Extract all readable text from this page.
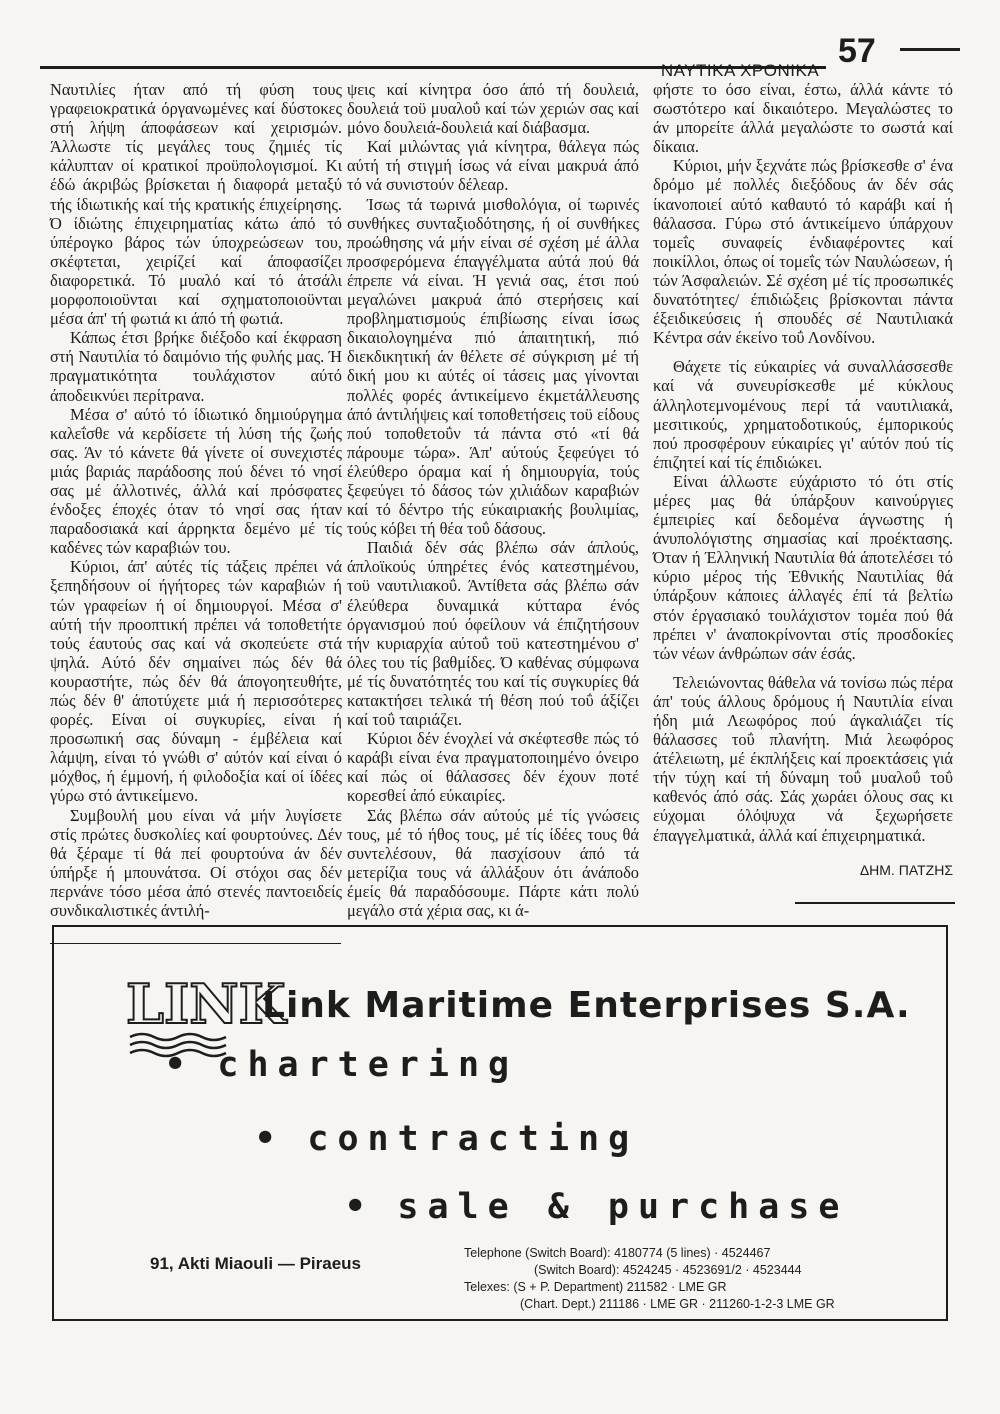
ΝΑΥΤΙΚΑ ΧΡΟΝΙΚΑ
57

Ναυτιλίες ήταν από τή φύση τους γραφειοκρατικά όργανωμένες καί δύστοκες στή λήψη άποφάσεων καί χειρισμών. Άλλωστε τίς μεγάλες τους ζημιές τίς κάλυπταν οί κρατικοί προϋπολογισμοί. Κι έδώ άκριβώς βρίσκεται ή διαφορά μεταξύ τής ίδιωτικής καί τής κρατικής έπιχείρησης. Ό ίδιώτης έπιχειρηματίας κάτω άπό τό ύπέρογκο βάρος τών ύποχρεώσεων του, σκέφτεται, χειρίζεί καί άποφασίζει διαφορετικά. Τό μυαλό καί τό άτσάλι μορφοποιοϋνται καί σχηματοποιοϋνται μέσα άπ' τή φωτιά κι άπό τή φωτιά.

Κάπως έτσι βρήκε διέξοδο καί έκφραση στή Ναυτιλία τό δαιμόνιο τής φυλής μας. Ή πραγματικότητα τουλάχιστον αύτό άποδεικνύει περίτρανα.

Μέσα σ' αύτό τό ίδιωτικό δημιούργημα καλεΐσθε νά κερδίσετε τή λύση τής ζωής σας. Άν τό κάνετε θά γίνετε οί συνεχιστές μιάς βαριάς παράδοσης πού δένει τό νησί σας μέ άλλοτινές, άλλά καί πρόσφατες ένδοξες έποχές όταν τό νησί σας ήταν παραδοσιακά καί άρρηκτα δεμένο μέ τίς καδένες τών καραβιών του.

Κύριοι, άπ' αύτές τίς τάξεις πρέπει νά ξεπηδήσουν οί ήγήτορες τών καραβιών ή τών γραφείων ή οί δημιουργοί. Μέσα σ' αύτή τήν προοπτική πρέπει νά τοποθετήτε τούς έαυτούς σας καί νά σκοπεύετε στά ψηλά. Αύτό δέν σημαίνει πώς δέν θά κουραστήτε, πώς δέν θά άπογοητευθήτε, πώς δέν θ' άποτύχετε μιά ή περισσότερες φορές. Είναι οί συγκυρίες, είναι ή προσωπική σας δύναμη - έμβέλεια καί λάμψη, είναι τό γνώθι σ' αύτόν καί είναι ό μόχθος, ή έμμονή, ή φιλοδοξία καί οί ίδέες γύρω στό άντικείμενο.

Συμβουλή μου είναι νά μήν λυγίσετε στίς πρώτες δυσκολίες καί φουρτούνες. Δέν θά ξέραμε τί θά πεί φουρτούνα άν δέν ύπήρξε ή μπουνάτσα. Οί στόχοι σας δέν περνάνε τόσο μέσα άπό στενές παντοειδείς συνδικαλιστικές άντιλή-

ψεις καί κίνητρα όσο άπό τή δουλειά, δουλειά τοϋ μυαλοΰ καί τών χεριών σας καί μόνο δουλειά-δουλειά καί διάβασμα.

Καί μιλώντας γιά κίνητρα, θάλεγα πώς αύτή τή στιγμή ίσως νά είναι μακρυά άπό τό νά συνιστούν δέλεαρ.

Ίσως τά τωρινά μισθολόγια, οί τωρινές συνθήκες συνταξιοδότησης, ή οί συνθήκες προώθησης νά μήν είναι σέ σχέση μέ άλλα προσφερόμενα έπαγγέλματα αύτά πού θά έπρεπε νά είναι. Ή γενιά σας, έτσι πού μεγαλώνει μακρυά άπό στερήσεις καί προβληματισμούς έπιβίωσης είναι ίσως δικαιολογημένα πιό άπαιτητική, πιό διεκδικητική άν θέλετε σέ σύγκριση μέ τή δική μου κι αύτές οί τάσεις μας γίνονται πολλές φορές άντικείμενο έκμετάλλευσης άπό άντιλήψεις καί τοποθετήσεις τοϋ είδους πού τοποθετοΰν τά πάντα στό «τί θά πάρουμε τώρα». Άπ' αύτούς ξεφεύγει τό έλεύθερο όραμα καί ή δημιουργία, τούς ξεφεύγει τό δάσος τών χιλιάδων καραβιών καί τό δέντρο τής εύκαιριακής βουλιμίας, τούς κόβει τή θέα τοΰ δάσους.

Παιδιά δέν σάς βλέπω σάν άπλούς, άπλοϊκούς ύπηρέτες ένός κατεστημένου, τοϋ ναυτιλιακοΰ. Άντίθετα σάς βλέπω σάν έλεύθερα δυναμικά κύτταρα ένός όργανισμού πού όφείλουν νά έπιζητήσουν τήν κυριαρχία αύτοΰ τοϋ κατεστημένου σ' όλες του τίς βαθμίδες. Ό καθένας σύμφωνα μέ τίς δυνατότητές του καί τίς συγκυρίες θά κατακτήσει τελικά τή θέση πού τοΰ άξίζει καί τοΰ ταιριάζει.

Κύριοι δέν ένοχλεί νά σκέφτεσθε πώς τό καράβι είναι ένα πραγματοποιημένο όνειρο καί πώς οί θάλασσες δέν έχουν ποτέ κορεσθεί άπό εύκαιρίες.

Σάς βλέπω σάν αύτούς μέ τίς γνώσεις τους, μέ τό ήθος τους, μέ τίς ίδέες τους θά συντελέσουν, θά πασχίσουν άπό τά μετερίζια τους νά άλλάξουν ότι άνάποδο έμείς θά παραδόσουμε. Πάρτε κάτι πολύ μεγάλο στά χέρια σας, κι ά-

φήστε το όσο είναι, έστω, άλλά κάντε τό σωστότερο καί δικαιότερο. Μεγαλώστες το άν μπορείτε άλλά μεγαλώστε το σωστά καί δίκαια.

Κύριοι, μήν ξεχνάτε πώς βρίσκεσθε σ' ένα δρόμο μέ πολλές διεξόδους άν δέν σάς ίκανοποιεί αύτό καθαυτό τό καράβι καί ή θάλασσα. Γύρω στό άντικείμενο ύπάρχουν τομεΐς συναφείς ένδιαφέροντες καί ποικίλλοι, όπως οί τομεΐς τών Ναυλώσεων, ή τών Άσφαλειών. Σέ σχέση μέ τίς προσωπικές δυνατότητες/ έπιδιώξεις βρίσκονται πάντα έξειδικεύσεις ή σπουδές σέ Ναυτιλιακά Κέντρα σάν έκείνο τοΰ Λονδίνου.

Θάχετε τίς εύκαιρίες νά συναλλάσσεσθε καί νά συνευρίσκεσθε μέ κύκλους άλληλοτεμνομένους περί τά ναυτιλιακά, μεσιτικούς, χρηματοδοτικούς, έμπορικούς πού προσφέρουν εύκαιρίες γι' αύτόν πού τίς έπιζητεί καί τίς έπιδιώκει.

Είναι άλλωστε εύχάριστο τό ότι στίς μέρες μας θά ύπάρξουν καινούργιες έμπειρίες καί δεδομένα άγνωστης ή άνυπολόγιστης σημασίας καί προέκτασης. Όταν ή Έλληνική Ναυτιλία θά άποτελέσει τό κύριο μέρος τής Έθνικής Ναυτιλίας θά ύπάρξουν κάποιες άλλαγές έπί τά βελτίω στόν έργασιακό τουλάχιστον τομέα πού θά πρέπει ν' άναποκρίνονται στίς προσδοκίες τών νέων άνθρώπων σάν έσάς.

Τελειώνοντας θάθελα νά τονίσω πώς πέρα άπ' τούς άλλους δρόμους ή Ναυτιλία είναι ήδη μιά Λεωφόρος πού άγκαλιάζει τίς θάλασσες τοΰ πλανήτη. Μιά λεωφόρος άτέλειωτη, μέ έκπλήξεις καί προεκτάσεις γιά τήν τύχη καί τή δύναμη τοΰ μυαλοΰ τοΰ καθενός άπό σάς. Σάς χωράει όλους σας κι εύχομαι όλόψυχα νά ξεχωρήσετε έπαγγελματικά, άλλά καί έπιχειρηματικά.

ΔΗΜ. ΠΑΤΖΗΣ
LINK
Link Maritime Enterprises S.A.
• chartering
• contracting
• sale & purchase
91, Akti Miaouli — Piraeus
Telephone (Switch Board): 4180774 (5 lines) · 4524467
(Switch Board): 4524245 · 4523691/2 · 4523444
Telexes: (S + P. Department) 211582 · LME GR
(Chart. Dept.) 211186 · LME GR · 211260-1-2-3 LME GR
